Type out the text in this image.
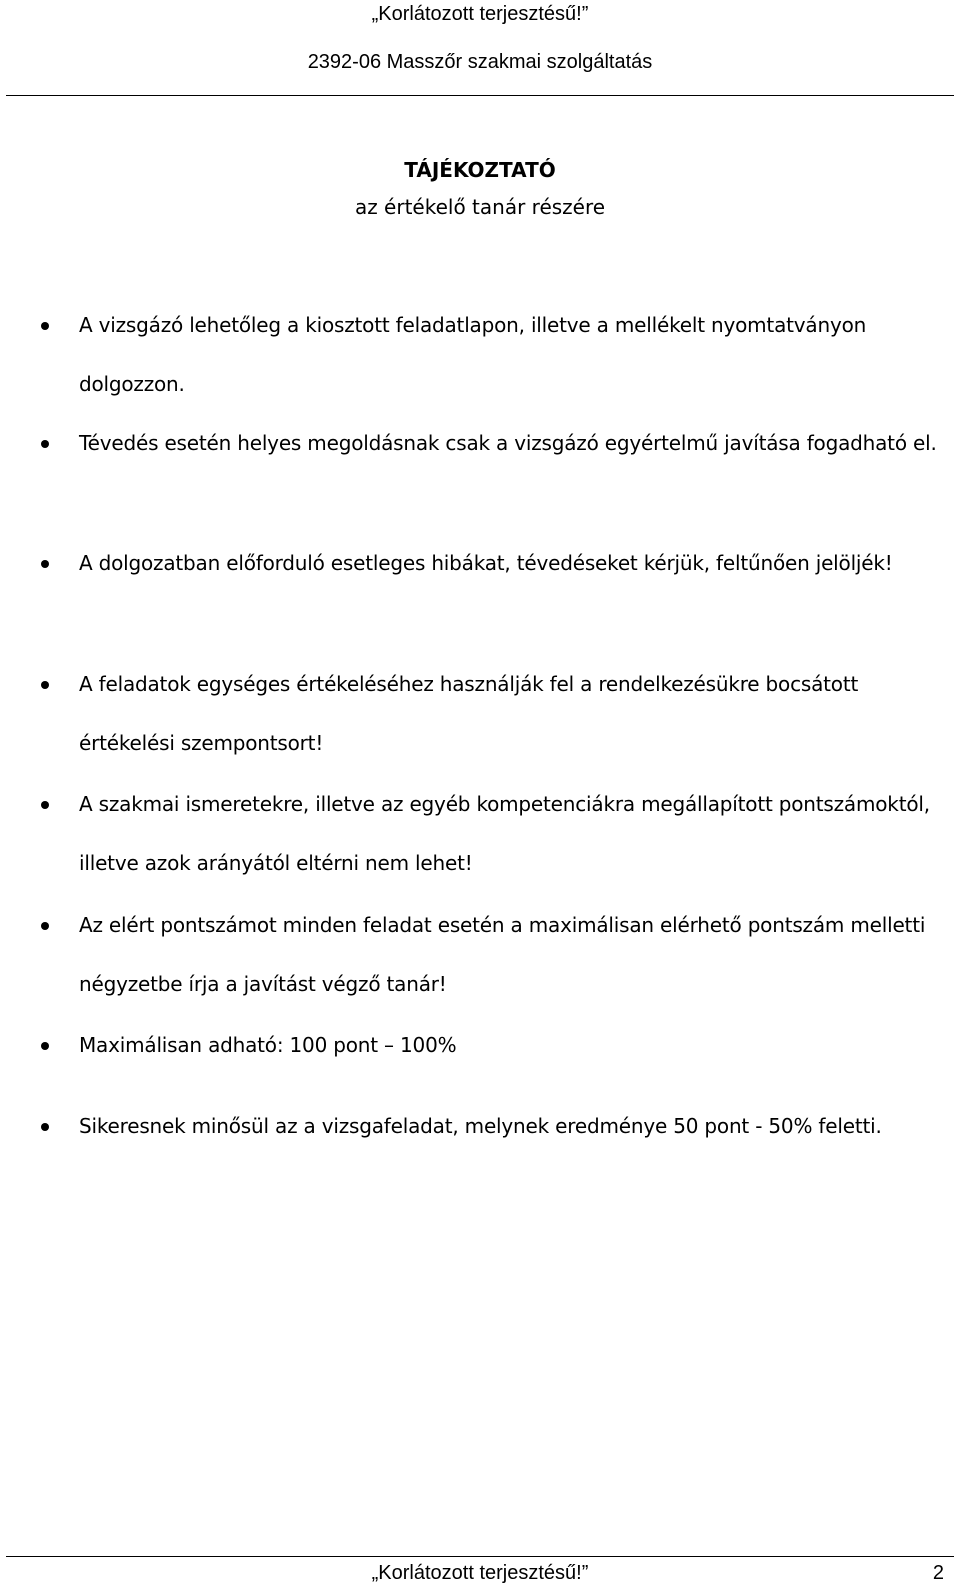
„Korlátozott terjesztésű!”
2392-06 Masszőr szakmai szolgáltatás
TÁJÉKOZTATÓ
az értékelő tanár részére
A vizsgázó lehetőleg a kiosztott feladatlapon, illetve a mellékelt nyomtatványon dolgozzon.
Tévedés esetén helyes megoldásnak csak a vizsgázó egyértelmű javítása fogadható el.
A dolgozatban előforduló esetleges hibákat, tévedéseket kérjük, feltűnően jelöljék!
A feladatok egységes értékeléséhez használják fel a rendelkezésükre bocsátott értékelési szempontsort!
A szakmai ismeretekre, illetve az egyéb kompetenciákra megállapított pontszámoktól, illetve azok arányától eltérni nem lehet!
Az elért pontszámot minden feladat esetén a maximálisan elérhető pontszám melletti négyzetbe írja a javítást végző tanár!
Maximálisan adható: 100 pont – 100%
Sikeresnek minősül az a vizsgafeladat, melynek eredménye 50 pont - 50% feletti.
„Korlátozott terjesztésű!”	2
